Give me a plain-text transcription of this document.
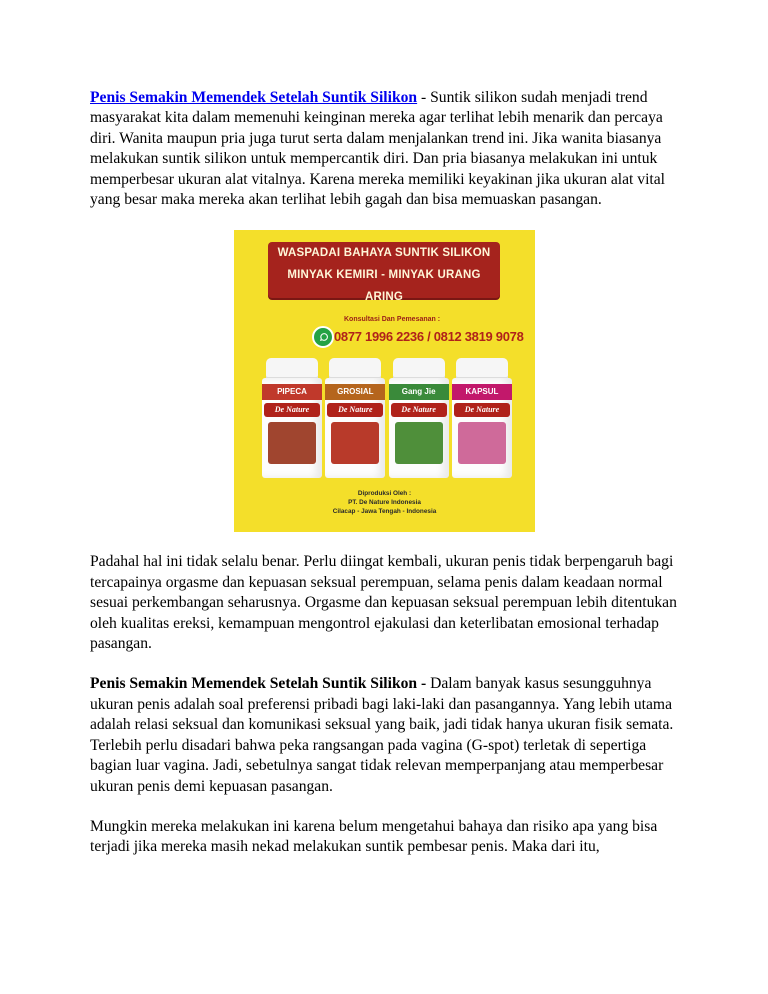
Penis Semakin Memendek Setelah Suntik Silikon - Suntik silikon sudah menjadi trend masyarakat kita dalam memenuhi keinginan mereka agar terlihat lebih menarik dan percaya diri. Wanita maupun pria juga turut serta dalam menjalankan trend ini. Jika wanita biasanya melakukan suntik silikon untuk mempercantik diri. Dan pria biasanya melakukan ini untuk memperbesar ukuran alat vitalnya. Karena mereka memiliki keyakinan jika ukuran alat vital yang besar maka mereka akan terlihat lebih gagah dan bisa memuaskan pasangan.

WASPADAI BAHAYA SUNTIK SILIKON
MINYAK KEMIRI - MINYAK URANG ARING
Konsultasi Dan Pemesanan :
0877 1996 2236 / 0812 3819 9078
PIPECA
De Nature
GROSIAL
De Nature
Gang Jie
De Nature
KAPSUL
De Nature
Diproduksi Oleh :
PT. De Nature Indonesia
Cilacap - Jawa Tengah - Indonesia

Padahal hal ini tidak selalu benar. Perlu diingat kembali, ukuran penis tidak berpengaruh bagi tercapainya orgasme dan kepuasan seksual perempuan, selama penis dalam keadaan normal sesuai perkembangan seharusnya. Orgasme dan kepuasan seksual perempuan lebih ditentukan oleh kualitas ereksi, kemampuan mengontrol ejakulasi dan keterlibatan emosional terhadap pasangan.

Penis Semakin Memendek Setelah Suntik Silikon - Dalam banyak kasus sesungguhnya ukuran penis adalah soal preferensi pribadi bagi laki-laki dan pasangannya. Yang lebih utama adalah relasi seksual dan komunikasi seksual yang baik, jadi tidak hanya ukuran fisik semata. Terlebih perlu disadari bahwa peka rangsangan pada vagina (G-spot) terletak di sepertiga bagian luar vagina. Jadi, sebetulnya sangat tidak relevan memperpanjang atau memperbesar ukuran penis demi kepuasan pasangan.

Mungkin mereka melakukan ini karena belum mengetahui bahaya dan risiko apa yang bisa terjadi jika mereka masih nekad melakukan suntik pembesar penis. Maka dari itu,
